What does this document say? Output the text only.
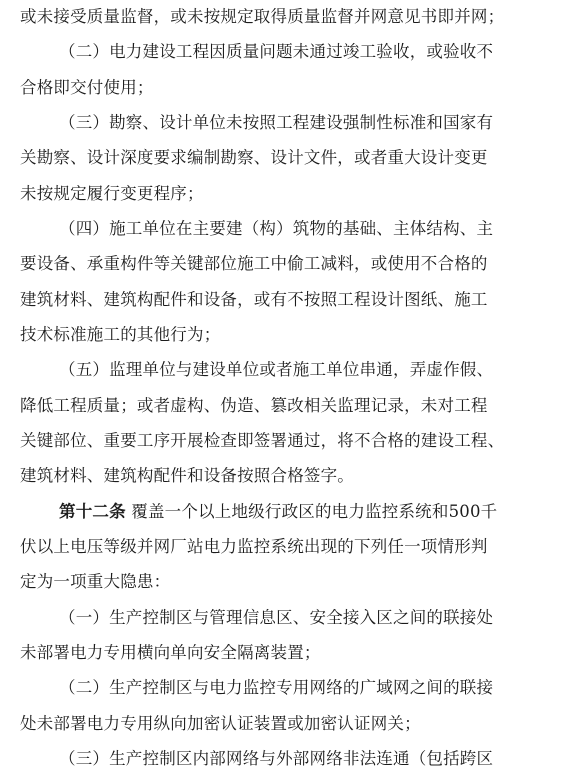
或未接受质量监督，或未按规定取得质量监督并网意见书即并网；
（二）电力建设工程因质量问题未通过竣工验收，或验收不
合格即交付使用；
（三）勘察、设计单位未按照工程建设强制性标准和国家有
关勘察、设计深度要求编制勘察、设计文件，或者重大设计变更
未按规定履行变更程序；
（四）施工单位在主要建（构）筑物的基础、主体结构、主
要设备、承重构件等关键部位施工中偷工减料，或使用不合格的
建筑材料、建筑构配件和设备，或有不按照工程设计图纸、施工
技术标准施工的其他行为；
（五）监理单位与建设单位或者施工单位串通，弄虚作假、
降低工程质量；或者虚构、伪造、篡改相关监理记录，未对工程
关键部位、重要工序开展检查即签署通过，将不合格的建设工程、
建筑材料、建筑构配件和设备按照合格签字。
第十二条 覆盖一个以上地级行政区的电力监控系统和500千
伏以上电压等级并网厂站电力监控系统出现的下列任一项情形判
定为一项重大隐患：
（一）生产控制区与管理信息区、安全接入区之间的联接处
未部署电力专用横向单向安全隔离装置；
（二）生产控制区与电力监控专用网络的广域网之间的联接
处未部署电力专用纵向加密认证装置或加密认证网关；
（三）生产控制区内部网络与外部网络非法连通（包括跨区
